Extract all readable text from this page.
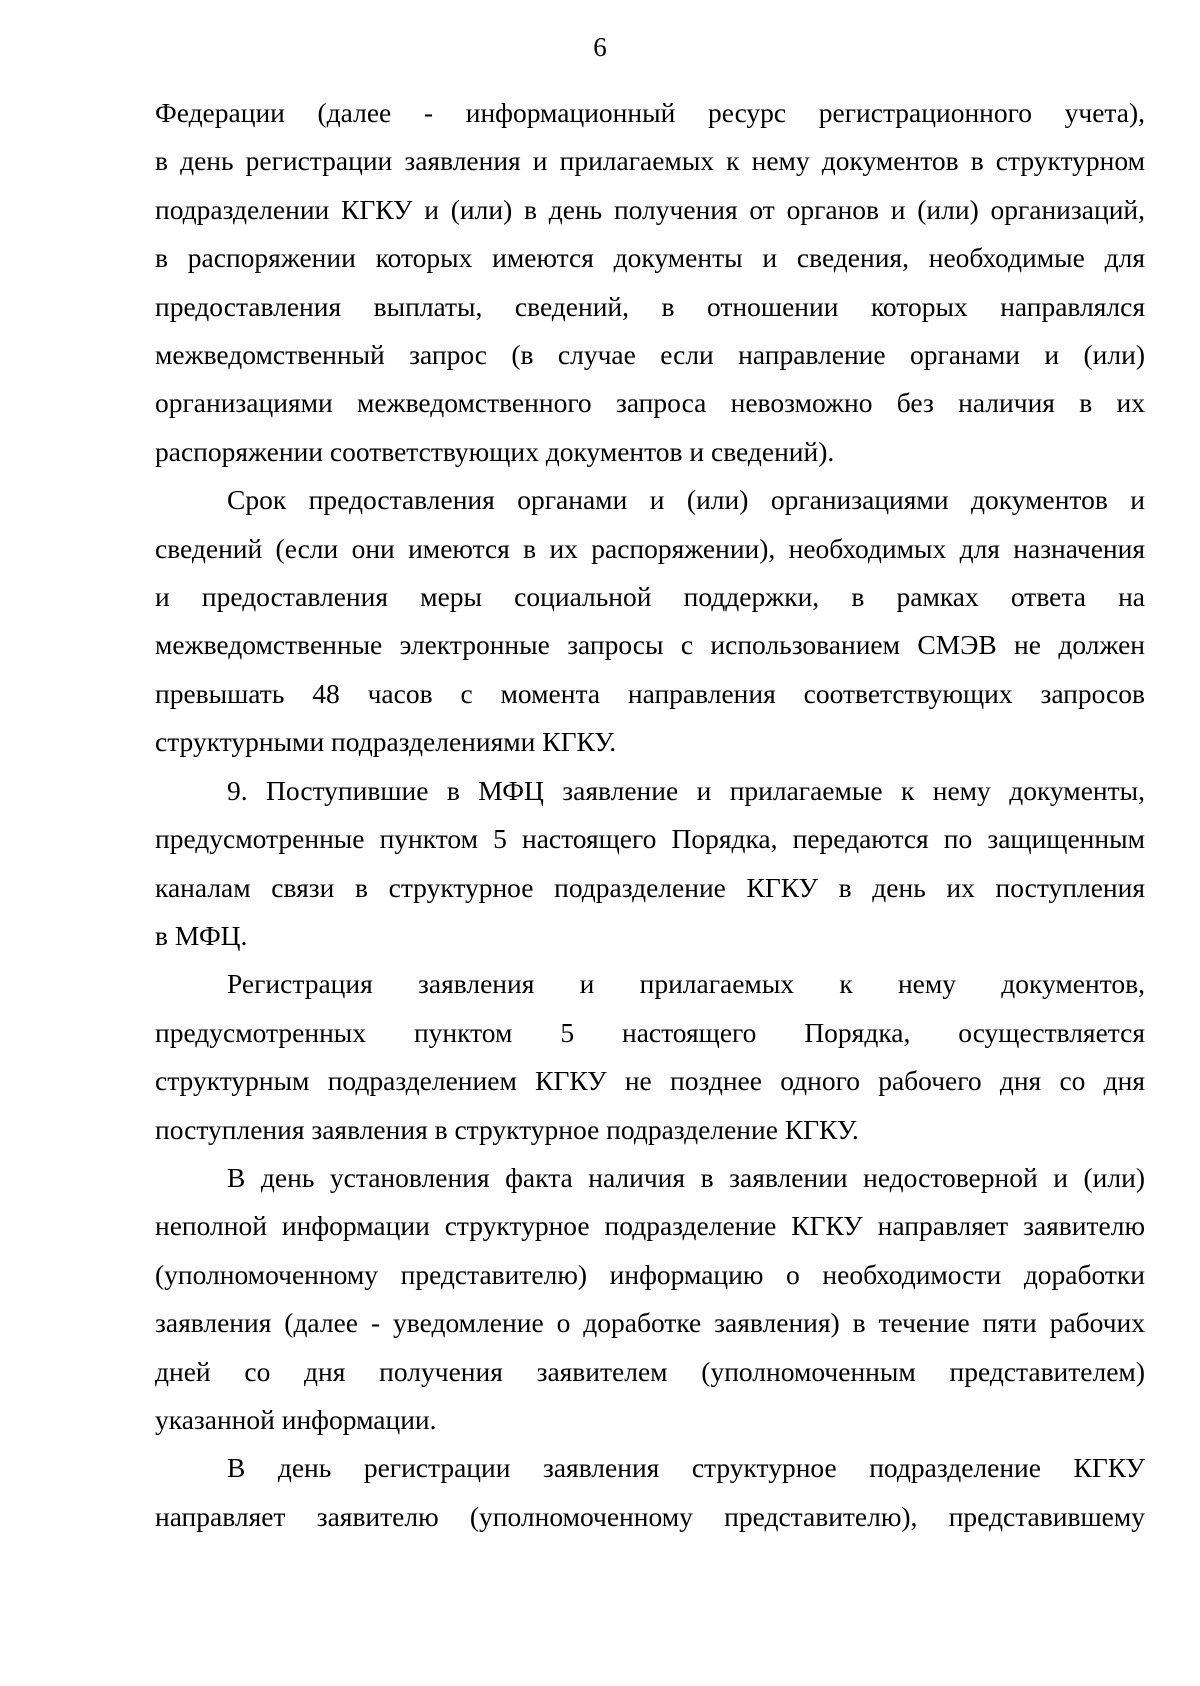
6
Федерации (далее - информационный ресурс регистрационного учета),
в день регистрации заявления и прилагаемых к нему документов в структурном
подразделении КГКУ и (или) в день получения от органов и (или) организаций,
в распоряжении которых имеются документы и сведения, необходимые для
предоставления выплаты, сведений, в отношении которых направлялся
межведомственный запрос (в случае если направление органами и (или)
организациями межведомственного запроса невозможно без наличия в их
распоряжении соответствующих документов и сведений).
Срок предоставления органами и (или) организациями документов и
сведений (если они имеются в их распоряжении), необходимых для назначения
и предоставления меры социальной поддержки, в рамках ответа на
межведомственные электронные запросы с использованием СМЭВ не должен
превышать 48 часов с момента направления соответствующих запросов
структурными подразделениями КГКУ.
9. Поступившие в МФЦ заявление и прилагаемые к нему документы,
предусмотренные пунктом 5 настоящего Порядка, передаются по защищенным
каналам связи в структурное подразделение КГКУ в день их поступления
в МФЦ.
Регистрация заявления и прилагаемых к нему документов,
предусмотренных пунктом 5 настоящего Порядка, осуществляется
структурным подразделением КГКУ не позднее одного рабочего дня со дня
поступления заявления в структурное подразделение КГКУ.
В день установления факта наличия в заявлении недостоверной и (или)
неполной информации структурное подразделение КГКУ направляет заявителю
(уполномоченному представителю) информацию о необходимости доработки
заявления (далее - уведомление о доработке заявления) в течение пяти рабочих
дней со дня получения заявителем (уполномоченным представителем)
указанной информации.
В день регистрации заявления структурное подразделение КГКУ
направляет заявителю (уполномоченному представителю), представившему
